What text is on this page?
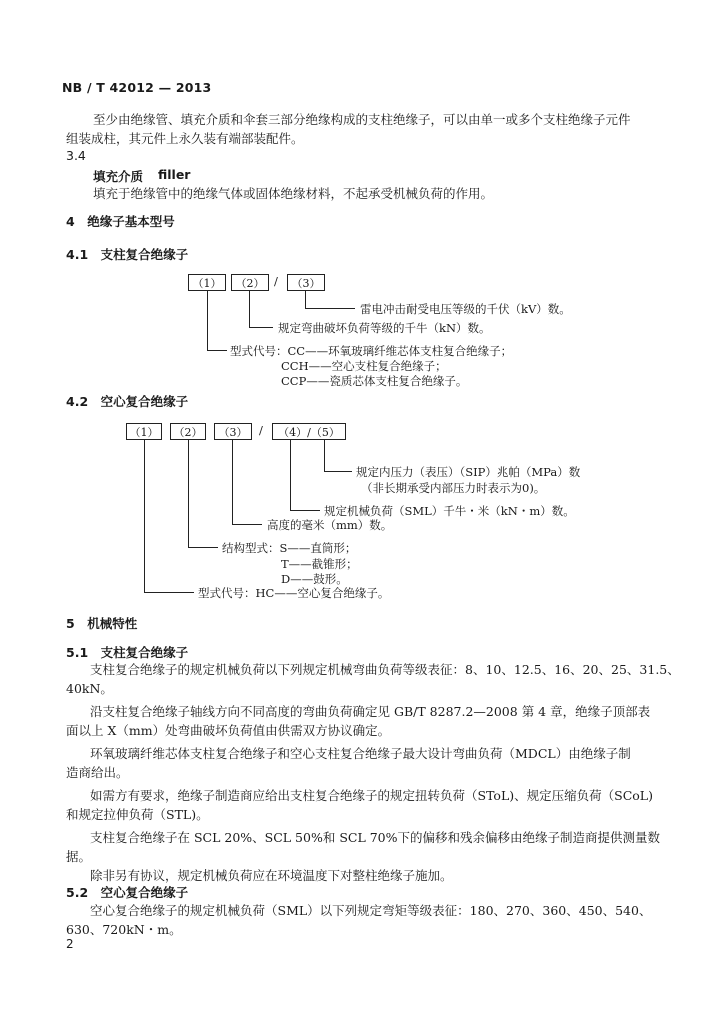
NB / T 42012 — 2013
至少由绝缘管、填充介质和伞套三部分绝缘构成的支柱绝缘子，可以由单一或多个支柱绝缘子元件
组装成柱，其元件上永久装有端部装配件。
3.4
填充介质 filler
填充于绝缘管中的绝缘气体或固体绝缘材料，不起承受机械负荷的作用。
4　绝缘子基本型号
4.1　支柱复合绝缘子
（1）	（2） /	（3）
雷电冲击耐受电压等级的千伏（kV）数。
规定弯曲破坏负荷等级的千牛（kN）数。
型式代号：CC——环氧玻璃纤维芯体支柱复合绝缘子；
CCH——空心支柱复合绝缘子；
CCP——瓷质芯体支柱复合绝缘子。
4.2　空心复合绝缘子
（1）	（2）	（3）	/	（4）/（5）
规定内压力（表压）（SIP）兆帕（MPa）数
（非长期承受内部压力时表示为0)。
规定机械负荷（SML）千牛・米（kN・m）数。
高度的毫米（mm）数。
结构型式：S——直筒形；
T——截锥形；
D——鼓形。
型式代号：HC——空心复合绝缘子。
5　机械特性
5.1　支柱复合绝缘子
支柱复合绝缘子的规定机械负荷以下列规定机械弯曲负荷等级表征：8、10、12.5、16、20、25、31.5、
40kN。
沿支柱复合绝缘子轴线方向不同高度的弯曲负荷确定见 GB/T 8287.2—2008 第 4 章，绝缘子顶部表
面以上 X（mm）处弯曲破坏负荷值由供需双方协议确定。
环氧玻璃纤维芯体支柱复合绝缘子和空心支柱复合绝缘子最大设计弯曲负荷（MDCL）由绝缘子制
造商给出。
如需方有要求，绝缘子制造商应给出支柱复合绝缘子的规定扭转负荷（SToL)、规定压缩负荷（SCoL)
和规定拉伸负荷（STL)。
支柱复合绝缘子在 SCL 20%、SCL 50%和 SCL 70%下的偏移和残余偏移由绝缘子制造商提供测量数
据。
除非另有协议，规定机械负荷应在环境温度下对整柱绝缘子施加。
5.2　空心复合绝缘子
空心复合绝缘子的规定机械负荷（SML）以下列规定弯矩等级表征：180、270、360、450、540、
630、720kN・m。
2
